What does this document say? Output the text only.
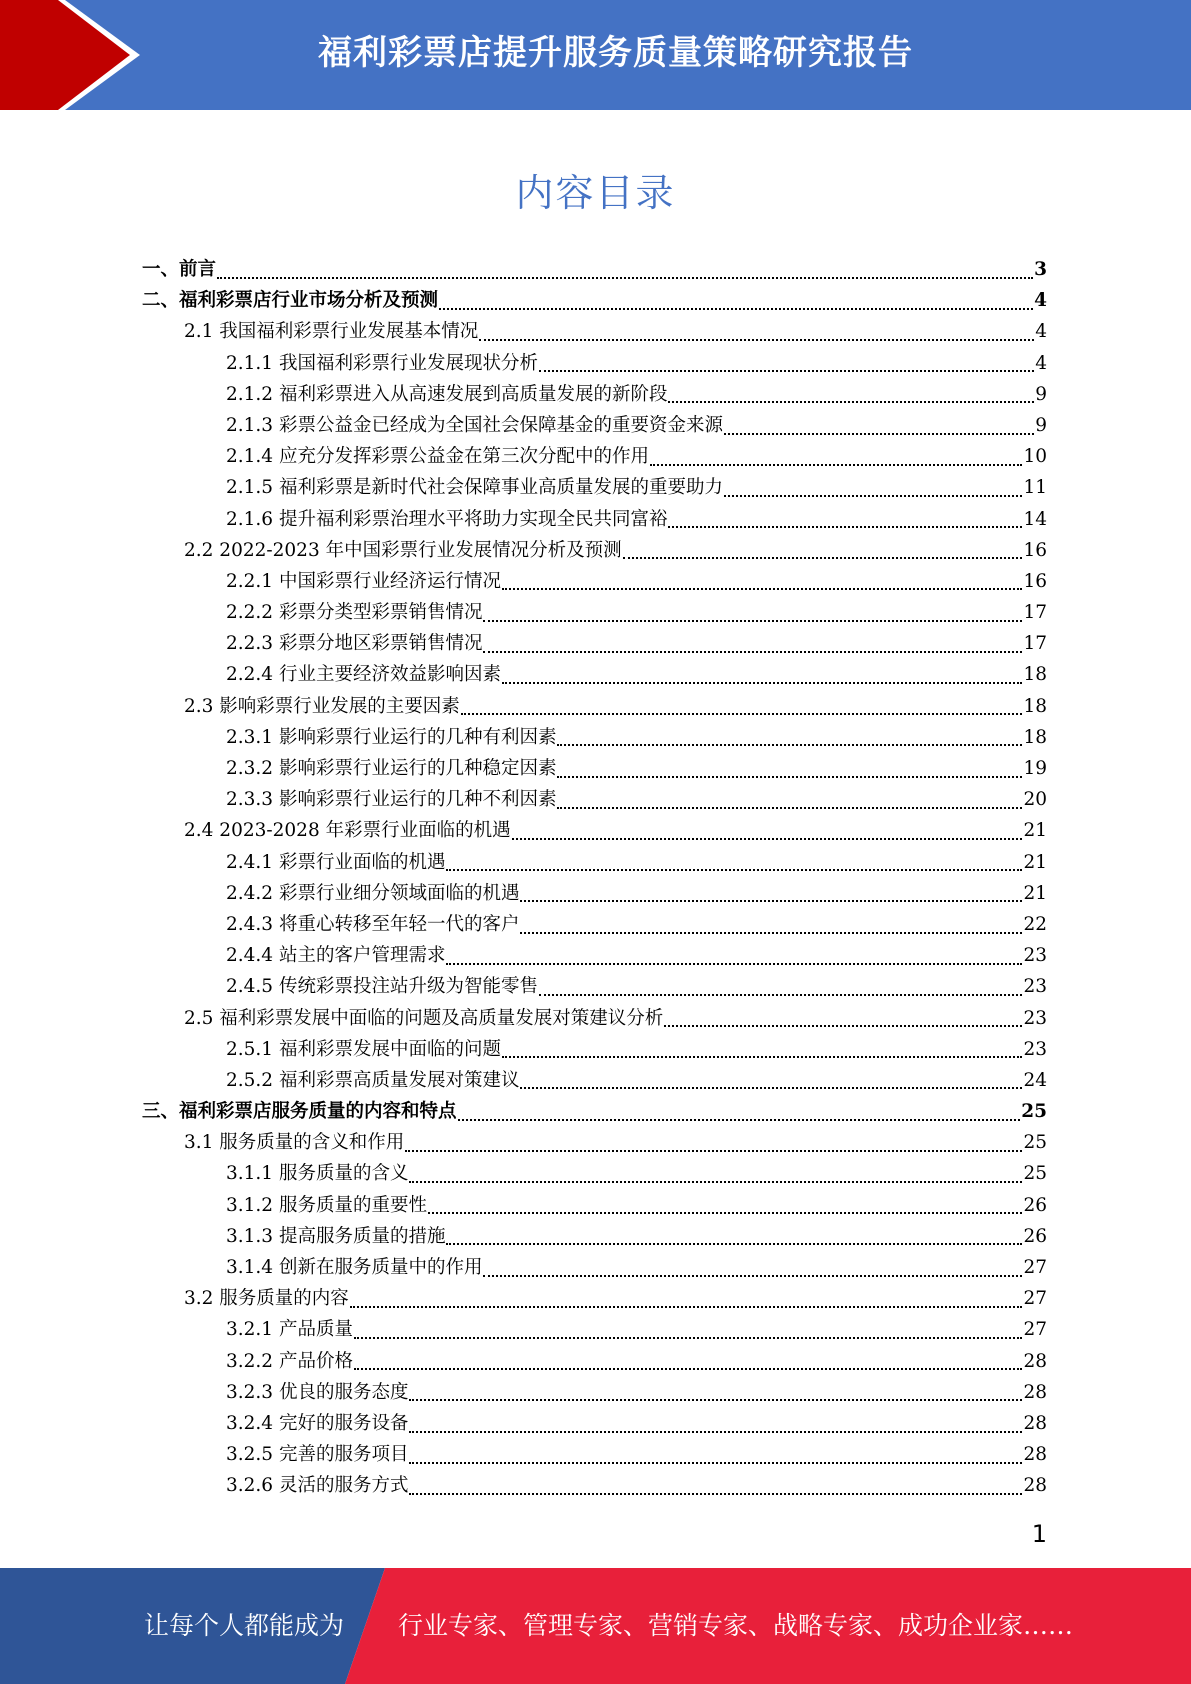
福利彩票店提升服务质量策略研究报告
内容目录
一、前言	3
二、福利彩票店行业市场分析及预测	4
2.1 我国福利彩票行业发展基本情况	4
2.1.1 我国福利彩票行业发展现状分析	4
2.1.2 福利彩票进入从高速发展到高质量发展的新阶段	9
2.1.3 彩票公益金已经成为全国社会保障基金的重要资金来源	9
2.1.4 应充分发挥彩票公益金在第三次分配中的作用	10
2.1.5 福利彩票是新时代社会保障事业高质量发展的重要助力	11
2.1.6 提升福利彩票治理水平将助力实现全民共同富裕	14
2.2 2022-2023 年中国彩票行业发展情况分析及预测	16
2.2.1 中国彩票行业经济运行情况	16
2.2.2 彩票分类型彩票销售情况	17
2.2.3 彩票分地区彩票销售情况	17
2.2.4 行业主要经济效益影响因素	18
2.3 影响彩票行业发展的主要因素	18
2.3.1 影响彩票行业运行的几种有利因素	18
2.3.2 影响彩票行业运行的几种稳定因素	19
2.3.3 影响彩票行业运行的几种不利因素	20
2.4 2023-2028 年彩票行业面临的机遇	21
2.4.1 彩票行业面临的机遇	21
2.4.2 彩票行业细分领域面临的机遇	21
2.4.3 将重心转移至年轻一代的客户	22
2.4.4 站主的客户管理需求	23
2.4.5 传统彩票投注站升级为智能零售	23
2.5 福利彩票发展中面临的问题及高质量发展对策建议分析	23
2.5.1 福利彩票发展中面临的问题	23
2.5.2 福利彩票高质量发展对策建议	24
三、福利彩票店服务质量的内容和特点	25
3.1 服务质量的含义和作用	25
3.1.1 服务质量的含义	25
3.1.2 服务质量的重要性	26
3.1.3 提高服务质量的措施	26
3.1.4 创新在服务质量中的作用	27
3.2 服务质量的内容	27
3.2.1 产品质量	27
3.2.2 产品价格	28
3.2.3 优良的服务态度	28
3.2.4 完好的服务设备	28
3.2.5 完善的服务项目	28
3.2.6 灵活的服务方式	28
1
让每个人都能成为 行业专家、管理专家、营销专家、战略专家、成功企业家……
